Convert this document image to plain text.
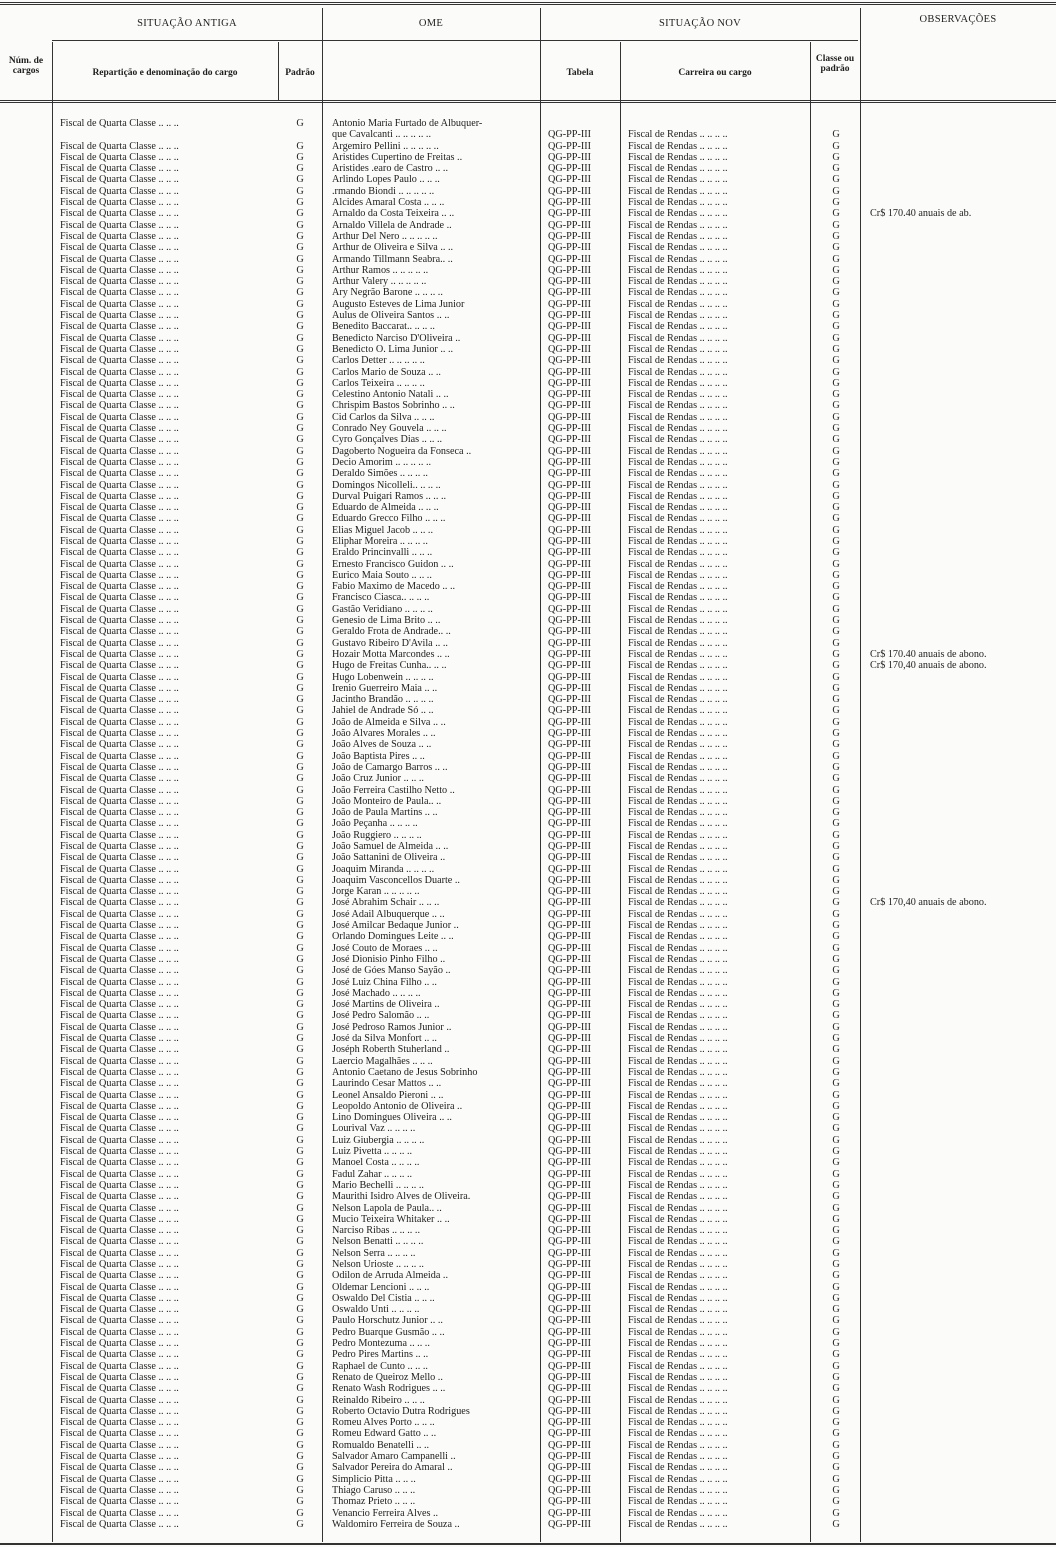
SITUAÇÃO ANTIGA	OME	SITUAÇÃO NOV	OBSERVAÇÕES
Núm. de cargos	Repartição e denominação do cargo	Padrão	Tabela	Carreira ou cargo
Classe ou padrão
Fiscal de Quarta Classe .. .. ..	G	Antonio Maria Furtado de Albuquer-
que Cavalcanti .. .. .. .. ..	QG-PP-III	Fiscal de Rendas .. .. .. ..	G
Fiscal de Quarta Classe .. .. ..	G	Argemiro Pellini .. .. .. .. ..	QG-PP-III	Fiscal de Rendas .. .. .. ..	G
Fiscal de Quarta Classe .. .. ..	G	Aristides Cupertino de Freitas ..	QG-PP-III	Fiscal de Rendas .. .. .. ..	G
Fiscal de Quarta Classe .. .. ..	G	Aristides .earo de Castro .. ..	QG-PP-III	Fiscal de Rendas .. .. .. ..	G
Fiscal de Quarta Classe .. .. ..	G	Arlindo Lopes Paulo .. .. ..	QG-PP-III	Fiscal de Rendas .. .. .. ..	G
Fiscal de Quarta Classe .. .. ..	G	.rmando Biondi .. .. .. .. ..	QG-PP-III	Fiscal de Rendas .. .. .. ..	G
Fiscal de Quarta Classe .. .. ..	G	Alcides Amaral Costa .. .. ..	QG-PP-III	Fiscal de Rendas .. .. .. ..	G
Fiscal de Quarta Classe .. .. ..	G	Arnaldo da Costa Teixeira .. ..	QG-PP-III	Fiscal de Rendas .. .. .. ..	G	Cr$ 170.40 anuais de ab.
Fiscal de Quarta Classe .. .. ..	G	Arnaldo Villela de Andrade ..	QG-PP-III	Fiscal de Rendas .. .. .. ..	G
Fiscal de Quarta Classe .. .. ..	G	Arthur Del Nero .. .. .. .. ..	QG-PP-III	Fiscal de Rendas .. .. .. ..	G
Fiscal de Quarta Classe .. .. ..	G	Arthur de Oliveira e Silva .. ..	QG-PP-III	Fiscal de Rendas .. .. .. ..	G
Fiscal de Quarta Classe .. .. ..	G	Armando Tillmann Seabra.. ..	QG-PP-III	Fiscal de Rendas .. .. .. ..	G
Fiscal de Quarta Classe .. .. ..	G	Arthur Ramos .. .. .. .. ..	QG-PP-III	Fiscal de Rendas .. .. .. ..	G
Fiscal de Quarta Classe .. .. ..	G	Arthur Valery .. .. .. .. ..	QG-PP-III	Fiscal de Rendas .. .. .. ..	G
Fiscal de Quarta Classe .. .. ..	G	Ary Negrão Barone .. .. .. ..	QG-PP-III	Fiscal de Rendas .. .. .. ..	G
Fiscal de Quarta Classe .. .. ..	G	Augusto Esteves de Lima Junior	QG-PP-III	Fiscal de Rendas .. .. .. ..	G
Fiscal de Quarta Classe .. .. ..	G	Aulus de Oliveira Santos .. ..	QG-PP-III	Fiscal de Rendas .. .. .. ..	G
Fiscal de Quarta Classe .. .. ..	G	Benedito Baccarat.. .. .. ..	QG-PP-III	Fiscal de Rendas .. .. .. ..	G
Fiscal de Quarta Classe .. .. ..	G	Benedicto Narciso D'Oliveira ..	QG-PP-III	Fiscal de Rendas .. .. .. ..	G
Fiscal de Quarta Classe .. .. ..	G	Benedicto O. Lima Junior .. ..	QG-PP-III	Fiscal de Rendas .. .. .. ..	G
Fiscal de Quarta Classe .. .. ..	G	Carlos Detter .. .. .. .. ..	QG-PP-III	Fiscal de Rendas .. .. .. ..	G
Fiscal de Quarta Classe .. .. ..	G	Carlos Mario de Souza .. ..	QG-PP-III	Fiscal de Rendas .. .. .. ..	G
Fiscal de Quarta Classe .. .. ..	G	Carlos Teixeira .. .. .. ..	QG-PP-III	Fiscal de Rendas .. .. .. ..	G
Fiscal de Quarta Classe .. .. ..	G	Celestino Antonio Natali .. ..	QG-PP-III	Fiscal de Rendas .. .. .. ..	G
Fiscal de Quarta Classe .. .. ..	G	Chrispim Bastos Sobrinho .. ..	QG-PP-III	Fiscal de Rendas .. .. .. ..	G
Fiscal de Quarta Classe .. .. ..	G	Cid Carlos da Silva .. .. ..	QG-PP-III	Fiscal de Rendas .. .. .. ..	G
Fiscal de Quarta Classe .. .. ..	G	Conrado Ney Gouvela .. .. ..	QG-PP-III	Fiscal de Rendas .. .. .. ..	G
Fiscal de Quarta Classe .. .. ..	G	Cyro Gonçalves Dias .. .. ..	QG-PP-III	Fiscal de Rendas .. .. .. ..	G
Fiscal de Quarta Classe .. .. ..	G	Dagoberto Nogueira da Fonseca ..	QG-PP-III	Fiscal de Rendas .. .. .. ..	G
Fiscal de Quarta Classe .. .. ..	G	Decio Amorim .. .. .. .. ..	QG-PP-III	Fiscal de Rendas .. .. .. ..	G
Fiscal de Quarta Classe .. .. ..	G	Deraldo Simões .. .. .. ..	QG-PP-III	Fiscal de Rendas .. .. .. ..	G
Fiscal de Quarta Classe .. .. ..	G	Domingos Nicolleli.. .. .. ..	QG-PP-III	Fiscal de Rendas .. .. .. ..	G
Fiscal de Quarta Classe .. .. ..	G	Durval Puigari Ramos .. .. ..	QG-PP-III	Fiscal de Rendas .. .. .. ..	G
Fiscal de Quarta Classe .. .. ..	G	Eduardo de Almeida .. .. ..	QG-PP-III	Fiscal de Rendas .. .. .. ..	G
Fiscal de Quarta Classe .. .. ..	G	Eduardo Grecco Filho .. .. ..	QG-PP-III	Fiscal de Rendas .. .. .. ..	G
Fiscal de Quarta Classe .. .. ..	G	Elias Miguel Jacob .. .. ..	QG-PP-III	Fiscal de Rendas .. .. .. ..	G
Fiscal de Quarta Classe .. .. ..	G	Eliphar Moreira .. .. .. ..	QG-PP-III	Fiscal de Rendas .. .. .. ..	G
Fiscal de Quarta Classe .. .. ..	G	Eraldo Princinvalli .. .. ..	QG-PP-III	Fiscal de Rendas .. .. .. ..	G
Fiscal de Quarta Classe .. .. ..	G	Ernesto Francisco Guidon .. ..	QG-PP-III	Fiscal de Rendas .. .. .. ..	G
Fiscal de Quarta Classe .. .. ..	G	Eurico Maia Souto .. .. ..	QG-PP-III	Fiscal de Rendas .. .. .. ..	G
Fiscal de Quarta Classe .. .. ..	G	Fabio Maximo de Macedo .. ..	QG-PP-III	Fiscal de Rendas .. .. .. ..	G
Fiscal de Quarta Classe .. .. ..	G	Francisco Ciasca.. .. .. ..	QG-PP-III	Fiscal de Rendas .. .. .. ..	G
Fiscal de Quarta Classe .. .. ..	G	Gastão Veridiano .. .. .. ..	QG-PP-III	Fiscal de Rendas .. .. .. ..	G
Fiscal de Quarta Classe .. .. ..	G	Genesio de Lima Brito .. ..	QG-PP-III	Fiscal de Rendas .. .. .. ..	G
Fiscal de Quarta Classe .. .. ..	G	Geraldo Frota de Andrade.. ..	QG-PP-III	Fiscal de Rendas .. .. .. ..	G
Fiscal de Quarta Classe .. .. ..	G	Gustavo Ribeiro D'Avila .. ..	QG-PP-III	Fiscal de Rendas .. .. .. ..	G
Fiscal de Quarta Classe .. .. ..	G	Hozair Motta Marcondes .. ..	QG-PP-III	Fiscal de Rendas .. .. .. ..	G	Cr$ 170.40 anuais de abono.
Fiscal de Quarta Classe .. .. ..	G	Hugo de Freitas Cunha.. .. ..	QG-PP-III	Fiscal de Rendas .. .. .. ..	G	Cr$ 170,40 anuais de abono.
Fiscal de Quarta Classe .. .. ..	G	Hugo Lobenwein .. .. .. ..	QG-PP-III	Fiscal de Rendas .. .. .. ..	G
Fiscal de Quarta Classe .. .. ..	G	Irenio Guerreiro Maia .. ..	QG-PP-III	Fiscal de Rendas .. .. .. ..	G
Fiscal de Quarta Classe .. .. ..	G	Jacintho Brandão .. .. .. ..	QG-PP-III	Fiscal de Rendas .. .. .. ..	G
Fiscal de Quarta Classe .. .. ..	G	Jahiel de Andrade Só .. ..	QG-PP-III	Fiscal de Rendas .. .. .. ..	G
Fiscal de Quarta Classe .. .. ..	G	João de Almeida e Silva .. ..	QG-PP-III	Fiscal de Rendas .. .. .. ..	G
Fiscal de Quarta Classe .. .. ..	G	João Alvares Morales .. ..	QG-PP-III	Fiscal de Rendas .. .. .. ..	G
Fiscal de Quarta Classe .. .. ..	G	João Alves de Souza .. ..	QG-PP-III	Fiscal de Rendas .. .. .. ..	G
Fiscal de Quarta Classe .. .. ..	G	João Baptista Pires .. ..	QG-PP-III	Fiscal de Rendas .. .. .. ..	G
Fiscal de Quarta Classe .. .. ..	G	João de Camargo Barros .. ..	QG-PP-III	Fiscal de Rendas .. .. .. ..	G
Fiscal de Quarta Classe .. .. ..	G	João Cruz Junior .. .. ..	QG-PP-III	Fiscal de Rendas .. .. .. ..	G
Fiscal de Quarta Classe .. .. ..	G	João Ferreira Castilho Netto ..	QG-PP-III	Fiscal de Rendas .. .. .. ..	G
Fiscal de Quarta Classe .. .. ..	G	João Monteiro de Paula.. ..	QG-PP-III	Fiscal de Rendas .. .. .. ..	G
Fiscal de Quarta Classe .. .. ..	G	João de Paula Martins .. ..	QG-PP-III	Fiscal de Rendas .. .. .. ..	G
Fiscal de Quarta Classe .. .. ..	G	João Peçanha .. .. .. ..	QG-PP-III	Fiscal de Rendas .. .. .. ..	G
Fiscal de Quarta Classe .. .. ..	G	João Ruggiero .. .. .. ..	QG-PP-III	Fiscal de Rendas .. .. .. ..	G
Fiscal de Quarta Classe .. .. ..	G	João Samuel de Almeida .. ..	QG-PP-III	Fiscal de Rendas .. .. .. ..	G
Fiscal de Quarta Classe .. .. ..	G	João Sattanini de Oliveira ..	QG-PP-III	Fiscal de Rendas .. .. .. ..	G
Fiscal de Quarta Classe .. .. ..	G	Joaquim Miranda .. .. .. ..	QG-PP-III	Fiscal de Rendas .. .. .. ..	G
Fiscal de Quarta Classe .. .. ..	G	Joaquim Vasconcellos Duarte ..	QG-PP-III	Fiscal de Rendas .. .. .. ..	G
Fiscal de Quarta Classe .. .. ..	G	Jorge Karan .. .. .. .. ..	QG-PP-III	Fiscal de Rendas .. .. .. ..	G
Fiscal de Quarta Classe .. .. ..	G	José Abrahim Schair .. .. ..	QG-PP-III	Fiscal de Rendas .. .. .. ..	G	Cr$ 170,40 anuais de abono.
Fiscal de Quarta Classe .. .. ..	G	José Adail Albuquerque .. ..	QG-PP-III	Fiscal de Rendas .. .. .. ..	G
Fiscal de Quarta Classe .. .. ..	G	José Amilcar Bedaque Junior ..	QG-PP-III	Fiscal de Rendas .. .. .. ..	G
Fiscal de Quarta Classe .. .. ..	G	Orlando Domingues Leite .. ..	QG-PP-III	Fiscal de Rendas .. .. .. ..	G
Fiscal de Quarta Classe .. .. ..	G	José Couto de Moraes .. ..	QG-PP-III	Fiscal de Rendas .. .. .. ..	G
Fiscal de Quarta Classe .. .. ..	G	José Dionisio Pinho Filho ..	QG-PP-III	Fiscal de Rendas .. .. .. ..	G
Fiscal de Quarta Classe .. .. ..	G	José de Góes Manso Sayão ..	QG-PP-III	Fiscal de Rendas .. .. .. ..	G
Fiscal de Quarta Classe .. .. ..	G	José Luiz China Filho .. ..	QG-PP-III	Fiscal de Rendas .. .. .. ..	G
Fiscal de Quarta Classe .. .. ..	G	José Machado .. .. .. ..	QG-PP-III	Fiscal de Rendas .. .. .. ..	G
Fiscal de Quarta Classe .. .. ..	G	José Martins de Oliveira ..	QG-PP-III	Fiscal de Rendas .. .. .. ..	G
Fiscal de Quarta Classe .. .. ..	G	José Pedro Salomão .. ..	QG-PP-III	Fiscal de Rendas .. .. .. ..	G
Fiscal de Quarta Classe .. .. ..	G	José Pedroso Ramos Junior ..	QG-PP-III	Fiscal de Rendas .. .. .. ..	G
Fiscal de Quarta Classe .. .. ..	G	José da Silva Monfort .. ..	QG-PP-III	Fiscal de Rendas .. .. .. ..	G
Fiscal de Quarta Classe .. .. ..	G	Joséph Roberth Stuherland ..	QG-PP-III	Fiscal de Rendas .. .. .. ..	G
Fiscal de Quarta Classe .. .. ..	G	Laercio Magalhães .. .. ..	QG-PP-III	Fiscal de Rendas .. .. .. ..	G
Fiscal de Quarta Classe .. .. ..	G	Antonio Caetano de Jesus Sobrinho	QG-PP-III	Fiscal de Rendas .. .. .. ..	G
Fiscal de Quarta Classe .. .. ..	G	Laurindo Cesar Mattos .. ..	QG-PP-III	Fiscal de Rendas .. .. .. ..	G
Fiscal de Quarta Classe .. .. ..	G	Leonel Ansaldo Pieroni .. ..	QG-PP-III	Fiscal de Rendas .. .. .. ..	G
Fiscal de Quarta Classe .. .. ..	G	Leopoldo Antonio de Oliveira ..	QG-PP-III	Fiscal de Rendas .. .. .. ..	G
Fiscal de Quarta Classe .. .. ..	G	Lino Domingues Oliveira .. ..	QG-PP-III	Fiscal de Rendas .. .. .. ..	G
Fiscal de Quarta Classe .. .. ..	G	Lourival Vaz .. .. .. ..	QG-PP-III	Fiscal de Rendas .. .. .. ..	G
Fiscal de Quarta Classe .. .. ..	G	Luiz Giubergia .. .. .. ..	QG-PP-III	Fiscal de Rendas .. .. .. ..	G
Fiscal de Quarta Classe .. .. ..	G	Luiz Pivetta .. .. .. ..	QG-PP-III	Fiscal de Rendas .. .. .. ..	G
Fiscal de Quarta Classe .. .. ..	G	Manoel Costa .. .. .. ..	QG-PP-III	Fiscal de Rendas .. .. .. ..	G
Fiscal de Quarta Classe .. .. ..	G	Fadul Zahar .. .. .. ..	QG-PP-III	Fiscal de Rendas .. .. .. ..	G
Fiscal de Quarta Classe .. .. ..	G	Mario Bechelli .. .. .. ..	QG-PP-III	Fiscal de Rendas .. .. .. ..	G
Fiscal de Quarta Classe .. .. ..	G	Maurithi Isidro Alves de Oliveira.	QG-PP-III	Fiscal de Rendas .. .. .. ..	G
Fiscal de Quarta Classe .. .. ..	G	Nelson Lapola de Paula.. ..	QG-PP-III	Fiscal de Rendas .. .. .. ..	G
Fiscal de Quarta Classe .. .. ..	G	Mucio Teixeira Whitaker .. ..	QG-PP-III	Fiscal de Rendas .. .. .. ..	G
Fiscal de Quarta Classe .. .. ..	G	Narciso Ribas .. .. .. ..	QG-PP-III	Fiscal de Rendas .. .. .. ..	G
Fiscal de Quarta Classe .. .. ..	G	Nelson Benatti .. .. .. ..	QG-PP-III	Fiscal de Rendas .. .. .. ..	G
Fiscal de Quarta Classe .. .. ..	G	Nelson Serra .. .. .. ..	QG-PP-III	Fiscal de Rendas .. .. .. ..	G
Fiscal de Quarta Classe .. .. ..	G	Nelson Urioste .. .. .. ..	QG-PP-III	Fiscal de Rendas .. .. .. ..	G
Fiscal de Quarta Classe .. .. ..	G	Odilon de Arruda Almeida ..	QG-PP-III	Fiscal de Rendas .. .. .. ..	G
Fiscal de Quarta Classe .. .. ..	G	Oldemar Lencioni .. .. ..	QG-PP-III	Fiscal de Rendas .. .. .. ..	G
Fiscal de Quarta Classe .. .. ..	G	Oswaldo Del Cistia .. .. ..	QG-PP-III	Fiscal de Rendas .. .. .. ..	G
Fiscal de Quarta Classe .. .. ..	G	Oswaldo Unti .. .. .. ..	QG-PP-III	Fiscal de Rendas .. .. .. ..	G
Fiscal de Quarta Classe .. .. ..	G	Paulo Horschutz Junior .. ..	QG-PP-III	Fiscal de Rendas .. .. .. ..	G
Fiscal de Quarta Classe .. .. ..	G	Pedro Buarque Gusmão .. ..	QG-PP-III	Fiscal de Rendas .. .. .. ..	G
Fiscal de Quarta Classe .. .. ..	G	Pedro Montezuma .. .. ..	QG-PP-III	Fiscal de Rendas .. .. .. ..	G
Fiscal de Quarta Classe .. .. ..	G	Pedro Pires Martins .. ..	QG-PP-III	Fiscal de Rendas .. .. .. ..	G
Fiscal de Quarta Classe .. .. ..	G	Raphael de Cunto .. .. ..	QG-PP-III	Fiscal de Rendas .. .. .. ..	G
Fiscal de Quarta Classe .. .. ..	G	Renato de Queiroz Mello ..	QG-PP-III	Fiscal de Rendas .. .. .. ..	G
Fiscal de Quarta Classe .. .. ..	G	Renato Wash Rodrigues .. ..	QG-PP-III	Fiscal de Rendas .. .. .. ..	G
Fiscal de Quarta Classe .. .. ..	G	Reinaldo Ribeiro .. .. ..	QG-PP-III	Fiscal de Rendas .. .. .. ..	G
Fiscal de Quarta Classe .. .. ..	G	Roberto Octavio Dutra Rodrigues	QG-PP-III	Fiscal de Rendas .. .. .. ..	G
Fiscal de Quarta Classe .. .. ..	G	Romeu Alves Porto .. .. ..	QG-PP-III	Fiscal de Rendas .. .. .. ..	G
Fiscal de Quarta Classe .. .. ..	G	Romeu Edward Gatto .. ..	QG-PP-III	Fiscal de Rendas .. .. .. ..	G
Fiscal de Quarta Classe .. .. ..	G	Romualdo Benatelli .. ..	QG-PP-III	Fiscal de Rendas .. .. .. ..	G
Fiscal de Quarta Classe .. .. ..	G	Salvador Amaro Campanelli ..	QG-PP-III	Fiscal de Rendas .. .. .. ..	G
Fiscal de Quarta Classe .. .. ..	G	Salvador Pereira do Amaral ..	QG-PP-III	Fiscal de Rendas .. .. .. ..	G
Fiscal de Quarta Classe .. .. ..	G	Simplicio Pitta .. .. ..	QG-PP-III	Fiscal de Rendas .. .. .. ..	G
Fiscal de Quarta Classe .. .. ..	G	Thiago Caruso .. .. ..	QG-PP-III	Fiscal de Rendas .. .. .. ..	G
Fiscal de Quarta Classe .. .. ..	G	Thomaz Prieto .. .. ..	QG-PP-III	Fiscal de Rendas .. .. .. ..	G
Fiscal de Quarta Classe .. .. ..	G	Venancio Ferreira Alves ..	QG-PP-III	Fiscal de Rendas .. .. .. ..	G
Fiscal de Quarta Classe .. .. ..	G	Waldomiro Ferreira de Souza ..	QG-PP-III	Fiscal de Rendas .. .. .. ..	G
